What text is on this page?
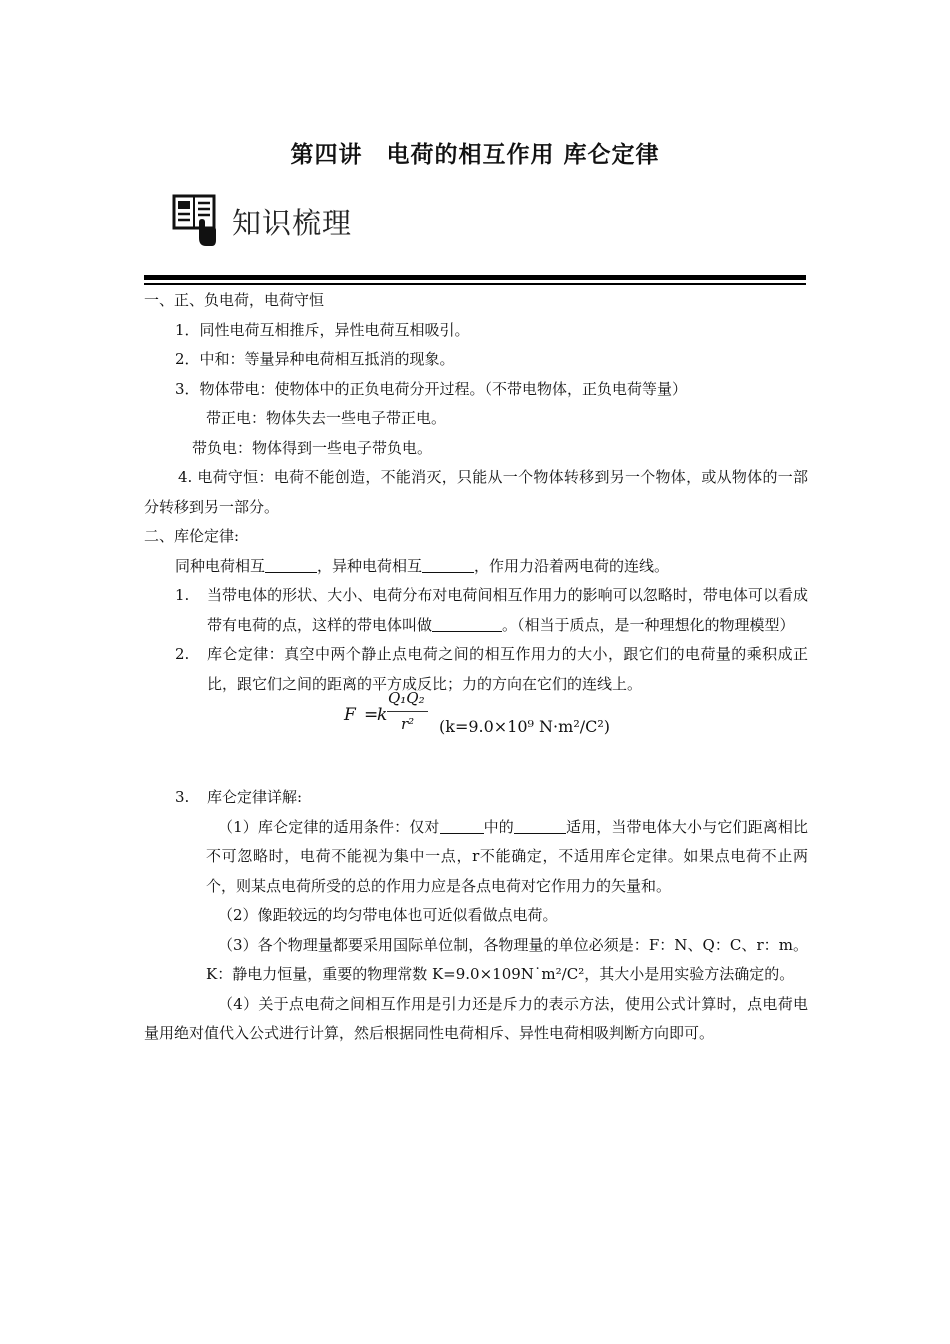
第四讲　电荷的相互作用 库仑定律
知识梳理
一、正、负电荷，电荷守恒
1．同性电荷互相推斥，异性电荷互相吸引。
2．中和：等量异种电荷相互抵消的现象。
3．物体带电：使物体中的正负电荷分开过程。（不带电物体，正负电荷等量）
带正电：物体失去一些电子带正电。
带负电：物体得到一些电子带负电。
4. 电荷守恒：电荷不能创造，不能消灭，只能从一个物体转移到另一个物体，或从物体的一部分转移到另一部分。
二、库伦定律:
同种电荷相互	，异种电荷相互	，作用力沿着两电荷的连线。
1.	当带电体的形状、大小、电荷分布对电荷间相互作用力的影响可以忽略时，带电体可以看成带有电荷的点，这样的带电体叫做	。（相当于质点，是一种理想化的物理模型）
2.	库仑定律：真空中两个静止点电荷之间的相互作用力的大小，跟它们的电荷量的乘积成正比，跟它们之间的距离的平方成反比；力的方向在它们的连线上。
F =
k
Q₁Q₂
r² (k=9.0×10⁹ N·m²/C²)
3.	库仑定律详解:
（1）库仑定律的适用条件：仅对	中的	适用，当带电体大小与它们距离相比不可忽略时，电荷不能视为集中一点，r不能确定，不适用库仑定律。如果点电荷不止两个，则某点电荷所受的总的作用力应是各点电荷对它作用力的矢量和。
（2）像距较远的均匀带电体也可近似看做点电荷。
（3）各个物理量都要采用国际单位制，各物理量的单位必须是：F：N、Q：C、r：m。K：静电力恒量，重要的物理常数 K=9.0×109N˙m²/C²，其大小是用实验方法确定的。
（4）关于点电荷之间相互作用是引力还是斥力的表示方法，使用公式计算时，点电荷电量用绝对值代入公式进行计算，然后根据同性电荷相斥、异性电荷相吸判断方向即可。
